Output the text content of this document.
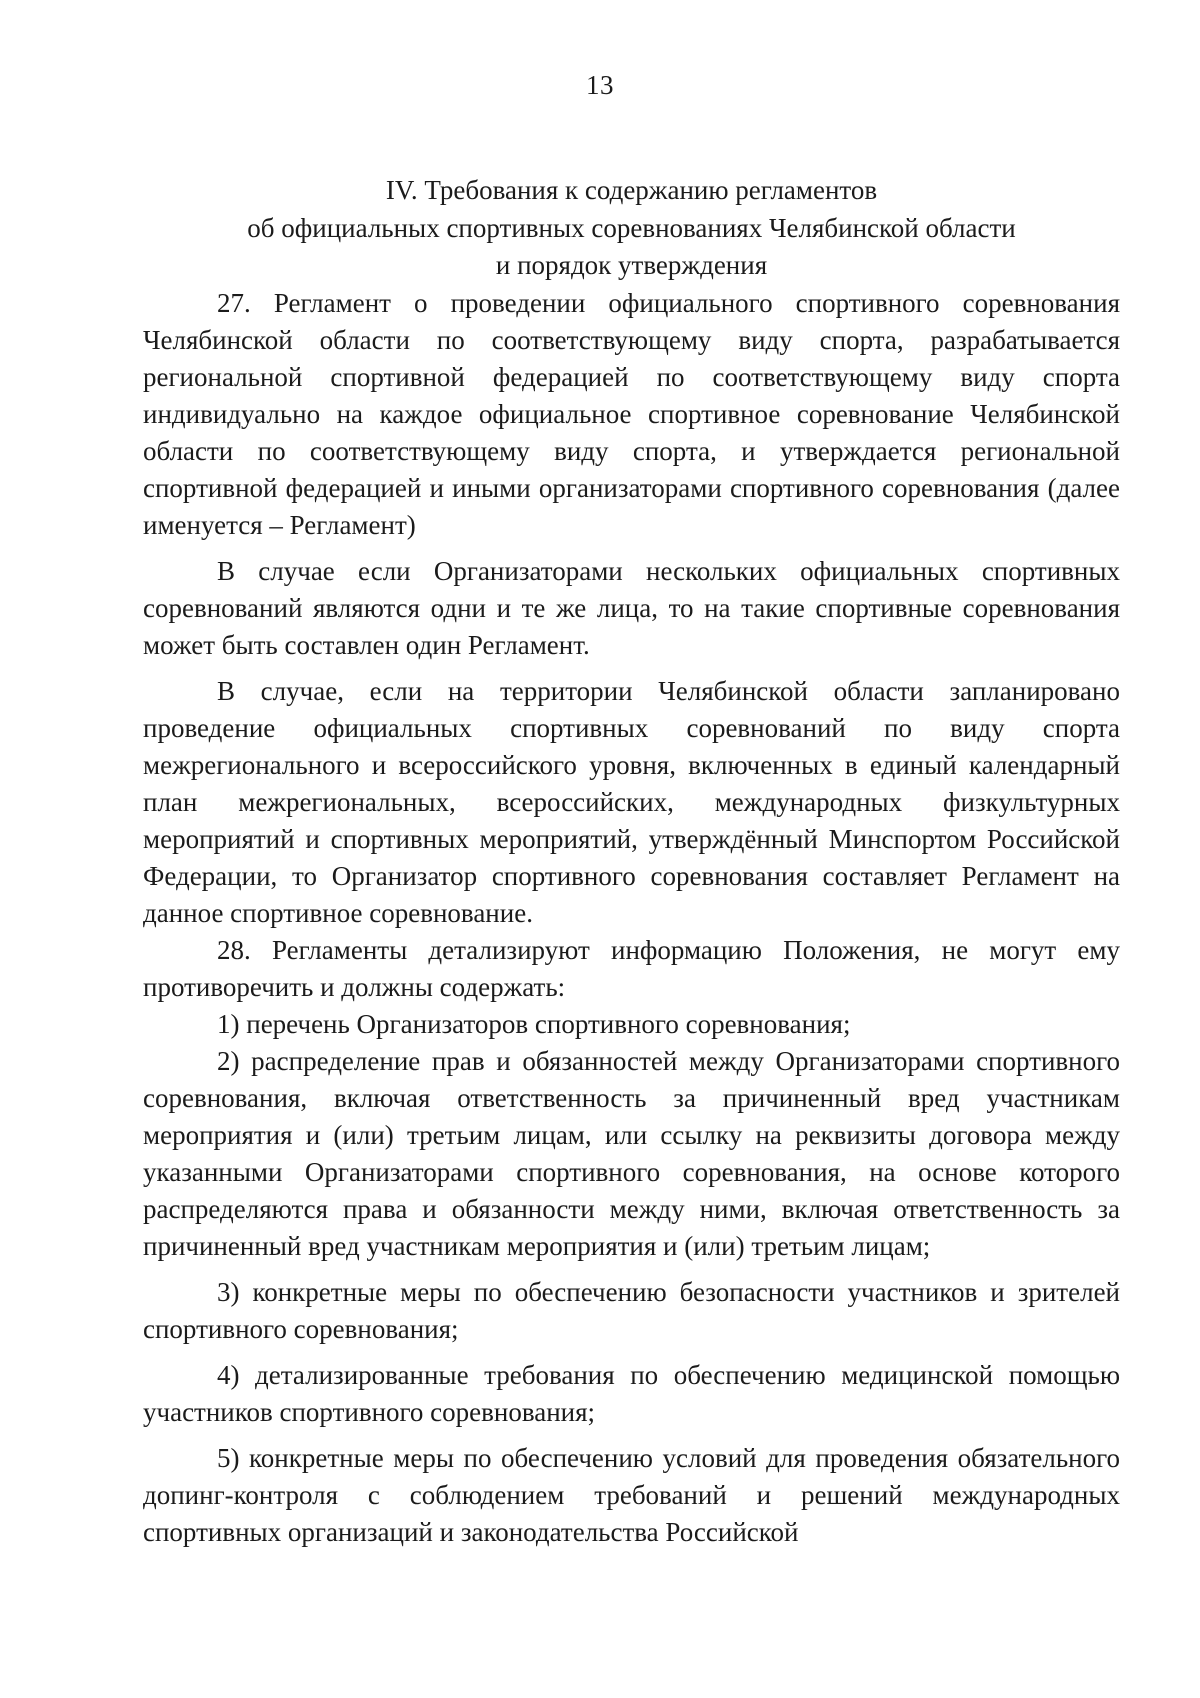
13
IV. Требования к содержанию регламентов
об официальных спортивных соревнованиях Челябинской области
и порядок утверждения

27. Регламент о проведении официального спортивного соревнования Челябинской области по соответствующему виду спорта, разрабатывается региональной спортивной федерацией по соответствующему виду спорта индивидуально на каждое официальное спортивное соревнование Челябинской области по соответствующему виду спорта, и утверждается региональной спортивной федерацией и иными организаторами спортивного соревнования (далее именуется – Регламент)

В случае если Организаторами нескольких официальных спортивных соревнований являются одни и те же лица, то на такие спортивные соревнования может быть составлен один Регламент.

В случае, если на территории Челябинской области запланировано проведение официальных спортивных соревнований по виду спорта межрегионального и всероссийского уровня, включенных в единый календарный план межрегиональных, всероссийских, международных физкультурных мероприятий и спортивных мероприятий, утверждённый Минспортом Российской Федерации, то Организатор спортивного соревнования составляет Регламент на данное спортивное соревнование.

28. Регламенты детализируют информацию Положения, не могут ему противоречить и должны содержать:

1) перечень Организаторов спортивного соревнования;

2) распределение прав и обязанностей между Организаторами спортивного соревнования, включая ответственность за причиненный вред участникам мероприятия и (или) третьим лицам, или ссылку на реквизиты договора между указанными Организаторами спортивного соревнования, на основе которого распределяются права и обязанности между ними, включая ответственность за причиненный вред участникам мероприятия и (или) третьим лицам;

3) конкретные меры по обеспечению безопасности участников и зрителей спортивного соревнования;

4) детализированные требования по обеспечению медицинской помощью участников спортивного соревнования;

5) конкретные меры по обеспечению условий для проведения обязательного допинг-контроля с соблюдением требований и решений международных спортивных организаций и законодательства Российской
